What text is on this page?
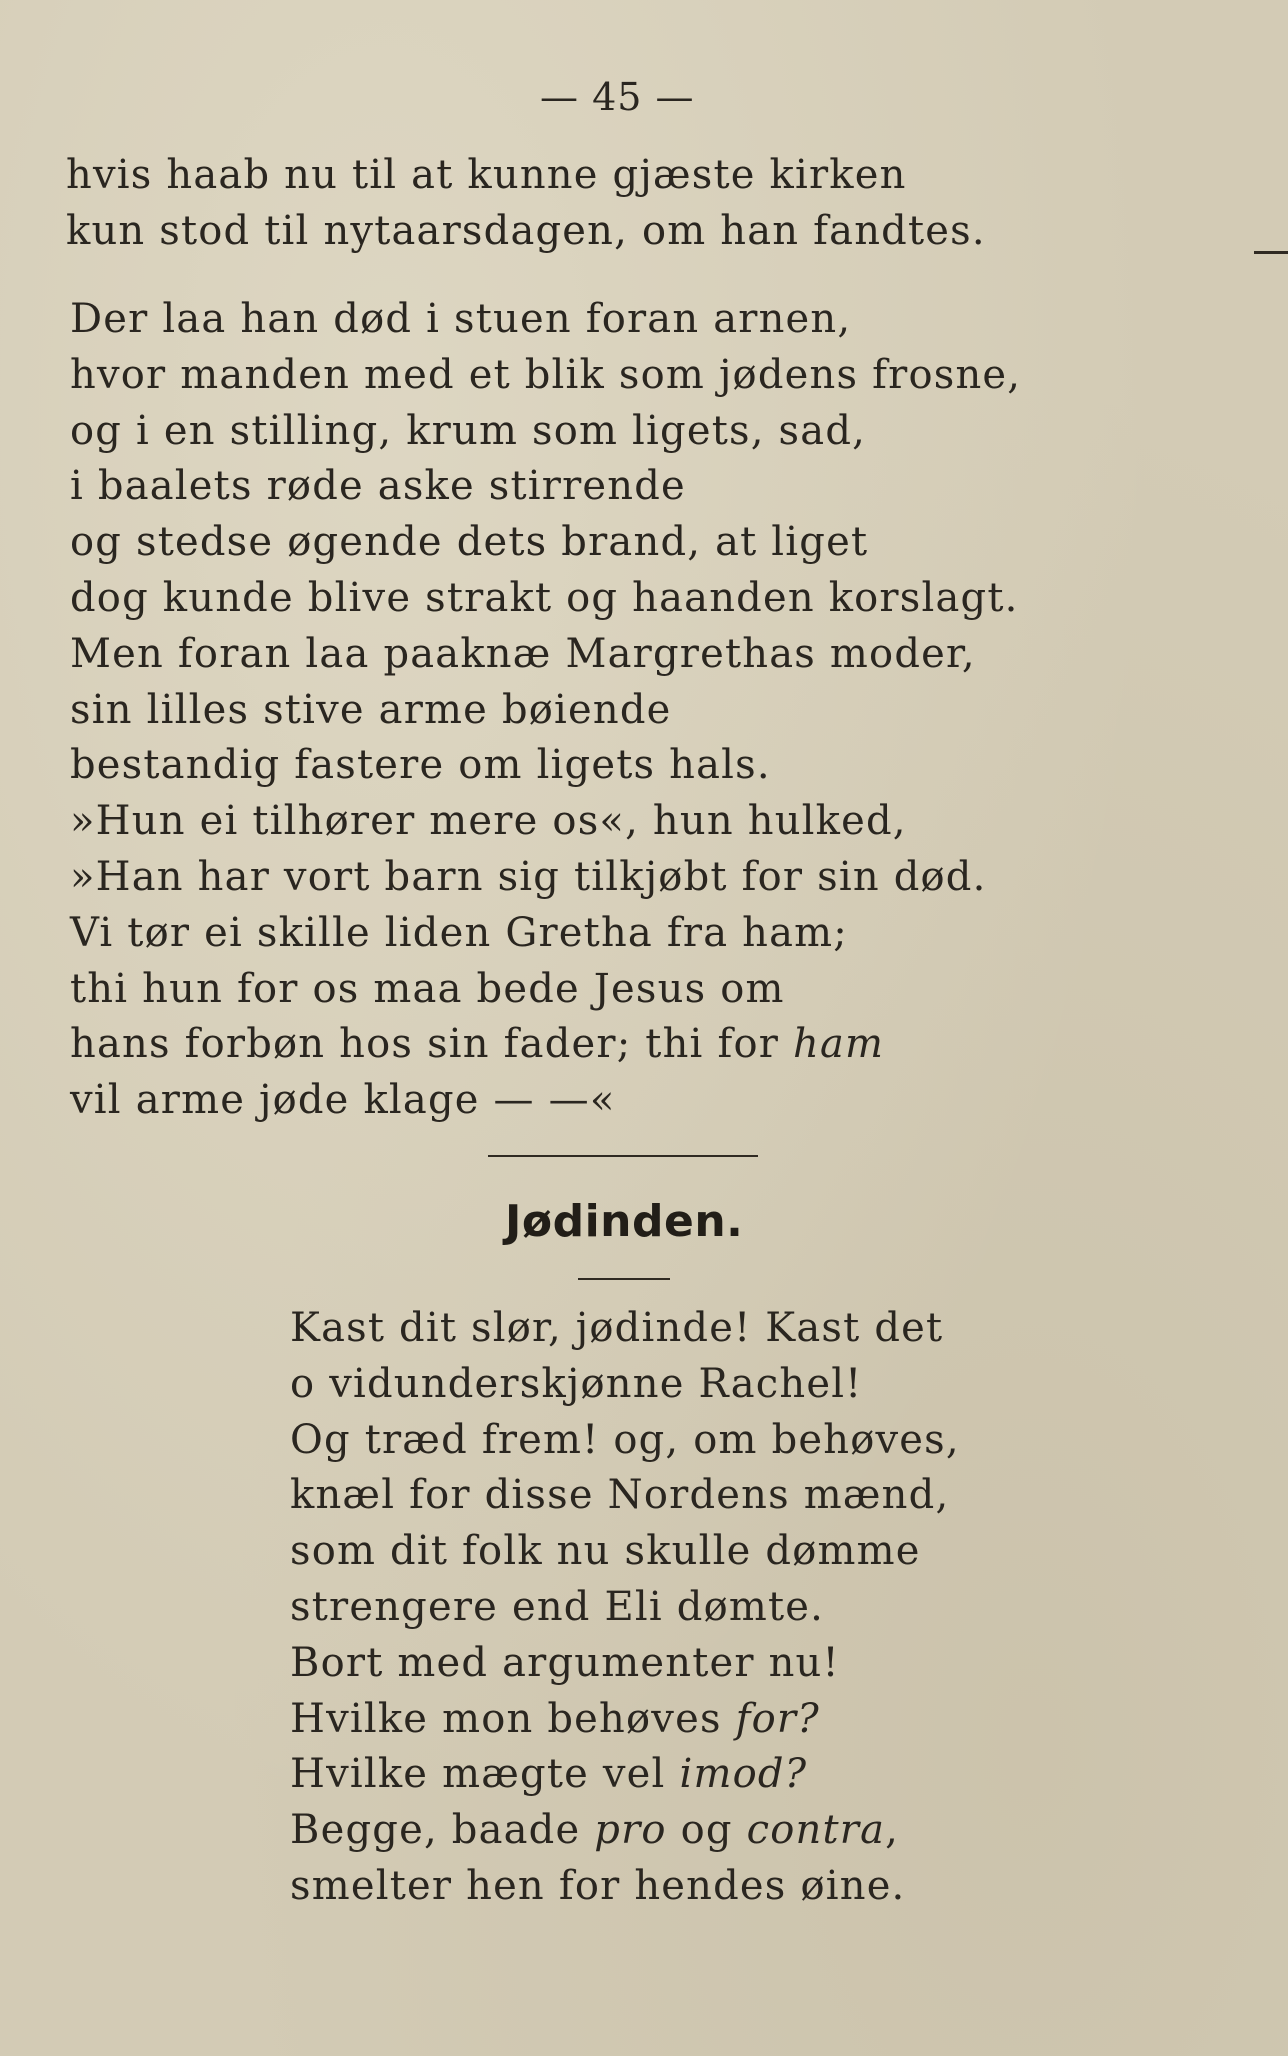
— 45 —
hvis haab nu til at kunne gjæste kirken
kun stod til nytaarsdagen, om han fandtes.
Der laa han død i stuen foran arnen,
hvor manden med et blik som jødens frosne,
og i en stilling, krum som ligets, sad,
i baalets røde aske stirrende
og stedse øgende dets brand, at liget
dog kunde blive strakt og haanden korslagt.
Men foran laa paaknæ Margrethas moder,
sin lilles stive arme bøiende
bestandig fastere om ligets hals.
»Hun ei tilhører mere os«, hun hulked,
»Han har vort barn sig tilkjøbt for sin død.
Vi tør ei skille liden Gretha fra ham;
thi hun for os maa bede Jesus om
hans forbøn hos sin fader; thi for ham
vil arme jøde klage — —«
Jødinden.
Kast dit slør, jødinde! Kast det
o vidunderskjønne Rachel!
Og træd frem! og, om behøves,
knæl for disse Nordens mænd,
som dit folk nu skulle dømme
strengere end Eli dømte.
Bort med argumenter nu!
Hvilke mon behøves for?
Hvilke mægte vel imod?
Begge, baade pro og contra,
smelter hen for hendes øine.
